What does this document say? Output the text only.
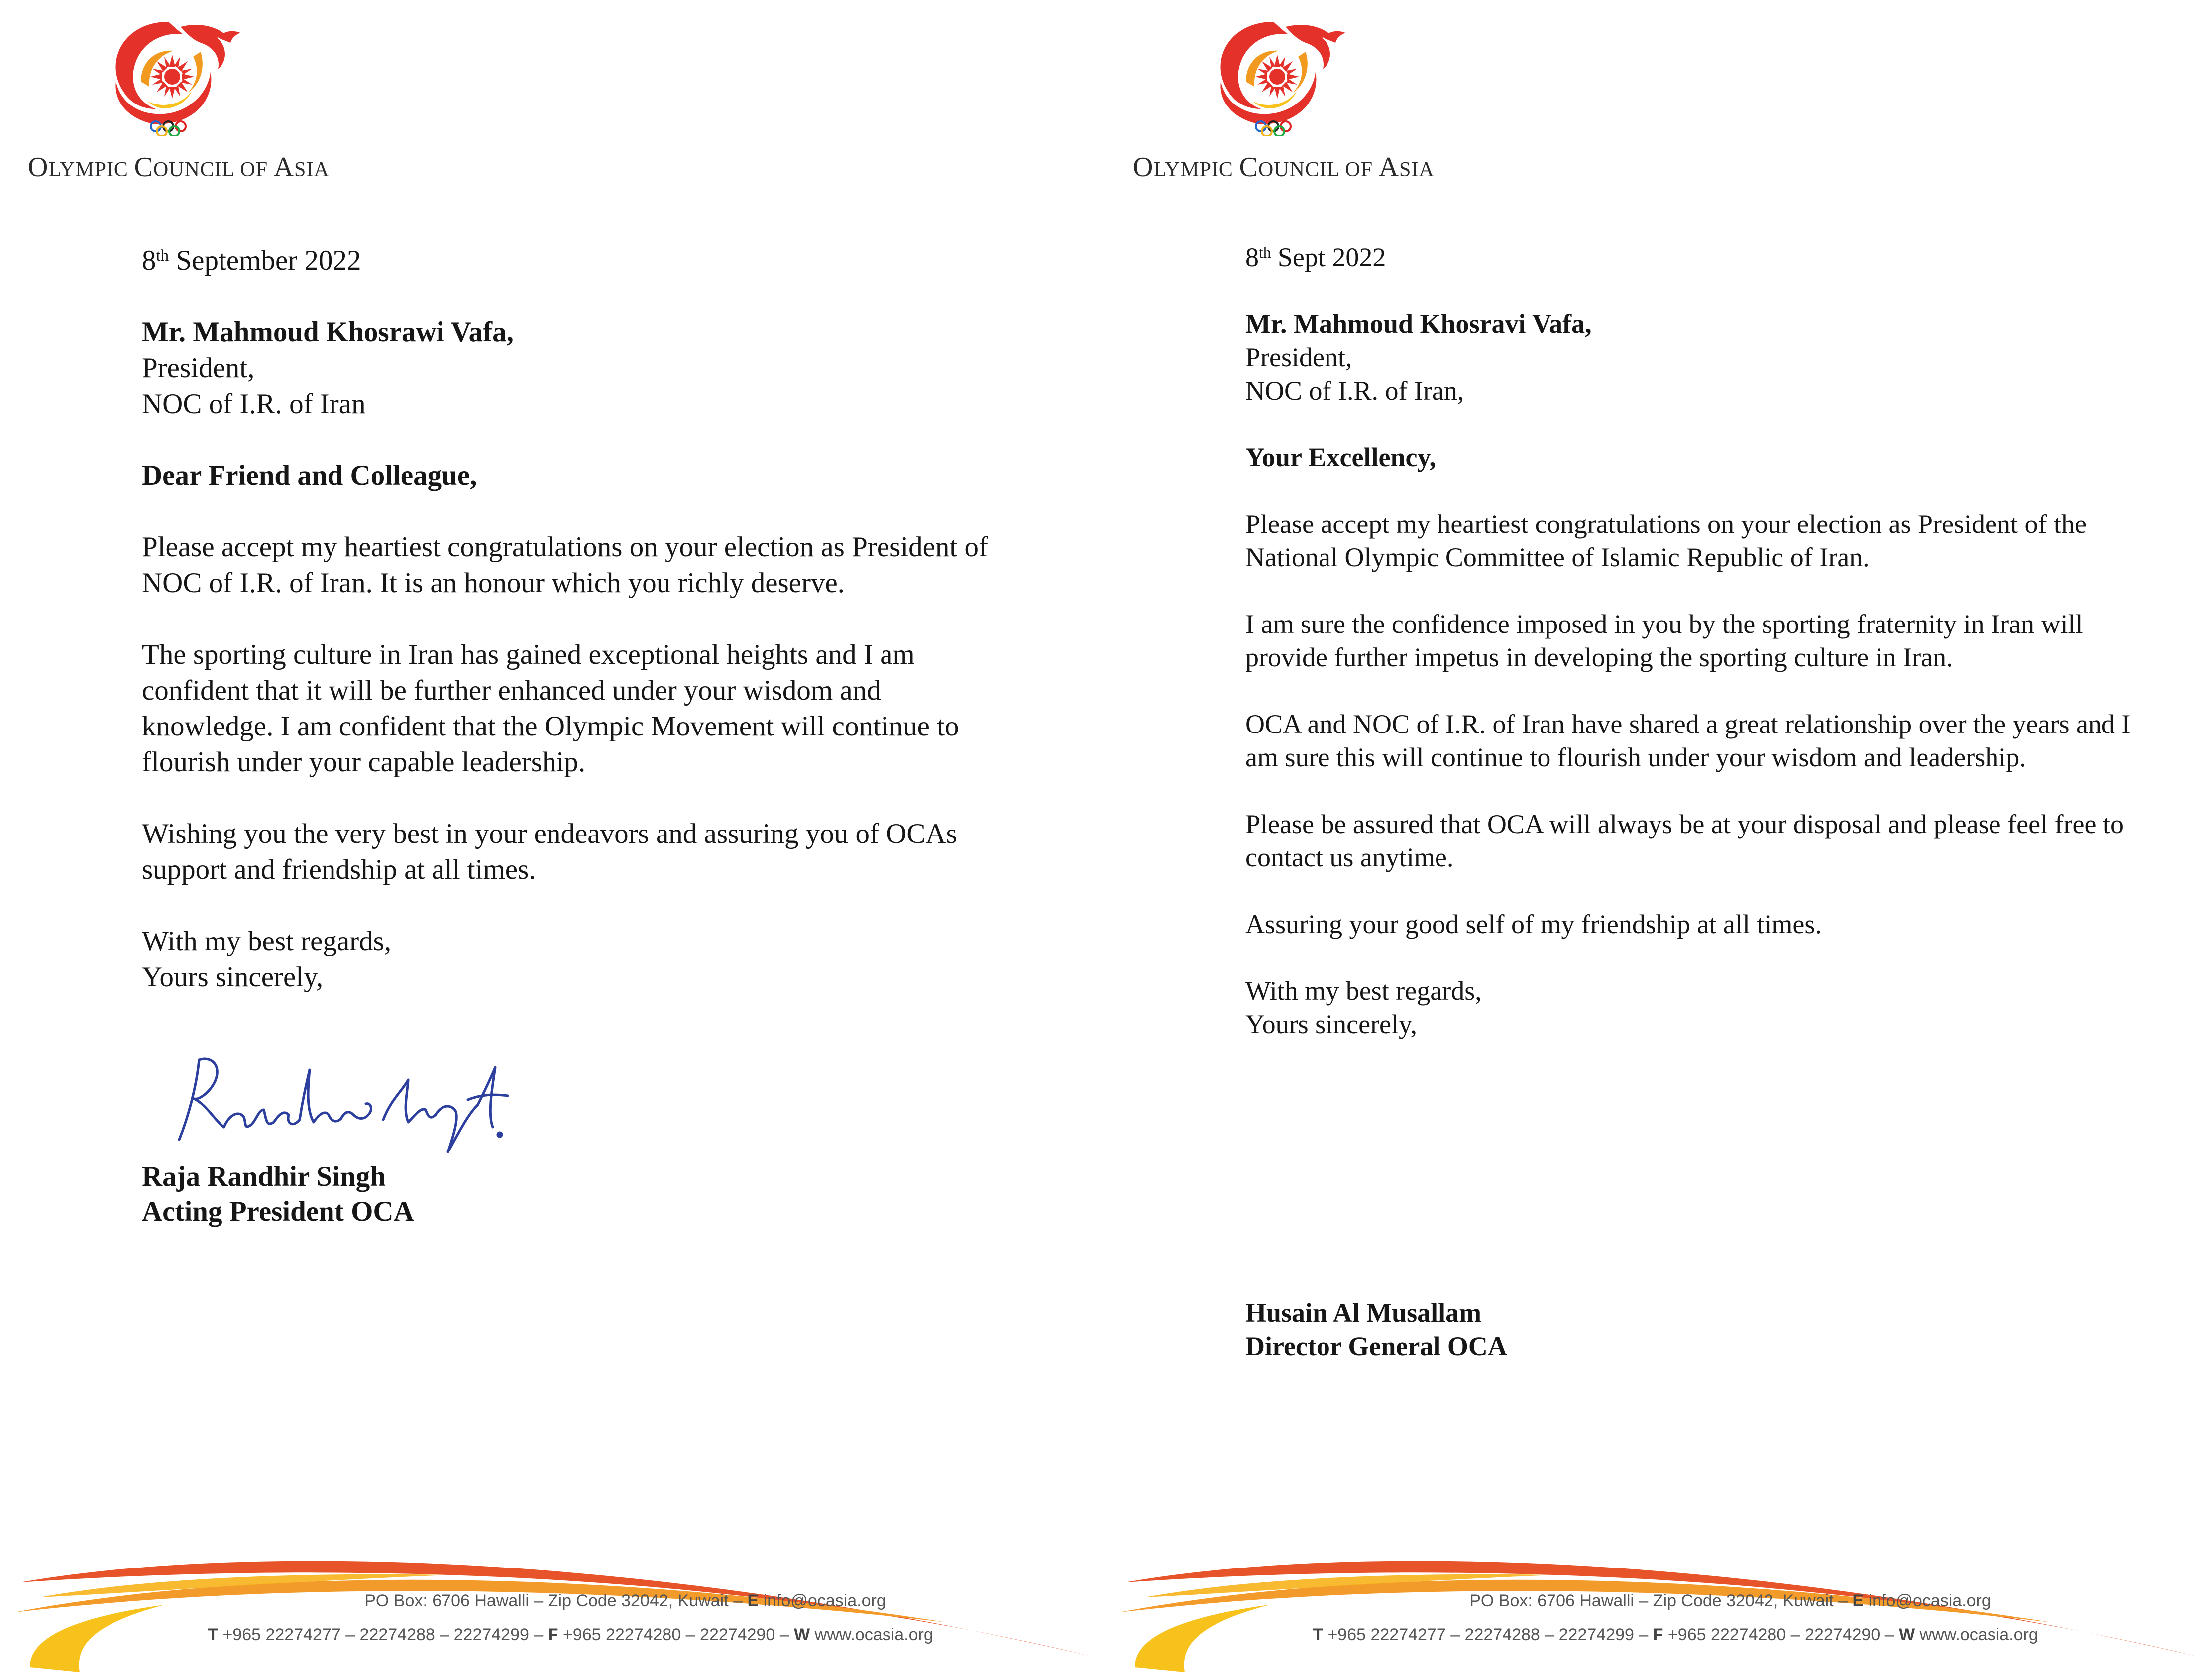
OLYMPIC COUNCIL OF ASIA

8th September 2022

Mr. Mahmoud Khosrawi Vafa,

President,

NOC of I.R. of Iran

Dear Friend and Colleague,

Please accept my heartiest congratulations on your election as President of NOC of I.R. of Iran. It is an honour which you richly deserve.

The sporting culture in Iran has gained exceptional heights and I am confident that it will be further enhanced under your wisdom and knowledge. I am confident that the Olympic Movement will continue to flourish under your capable leadership.

Wishing you the very best in your endeavors and assuring you of OCAs support and friendship at all times.

With my best regards,

Yours sincerely,

Raja Randhir Singh
Acting President OCA
PO Box: 6706 Hawalli – Zip Code 32042, Kuwait – E info@ocasia.org
T +965 22274277 – 22274288 – 22274299 – F +965 22274280 – 22274290 – W www.ocasia.org
OLYMPIC COUNCIL OF ASIA

8th Sept 2022

Mr. Mahmoud Khosravi Vafa,

President,

NOC of I.R. of Iran,

Your Excellency,

Please accept my heartiest congratulations on your election as President of the National Olympic Committee of Islamic Republic of Iran.

I am sure the confidence imposed in you by the sporting fraternity in Iran will provide further impetus in developing the sporting culture in Iran.

OCA and NOC of I.R. of Iran have shared a great relationship over the years and I am sure this will continue to flourish under your wisdom and leadership.

Please be assured that OCA will always be at your disposal and please feel free to contact us anytime.

Assuring your good self of my friendship at all times.

With my best regards,

Yours sincerely,

Husain Al Musallam
Director General OCA
PO Box: 6706 Hawalli – Zip Code 32042, Kuwait – E info@ocasia.org
T +965 22274277 – 22274288 – 22274299 – F +965 22274280 – 22274290 – W www.ocasia.org
